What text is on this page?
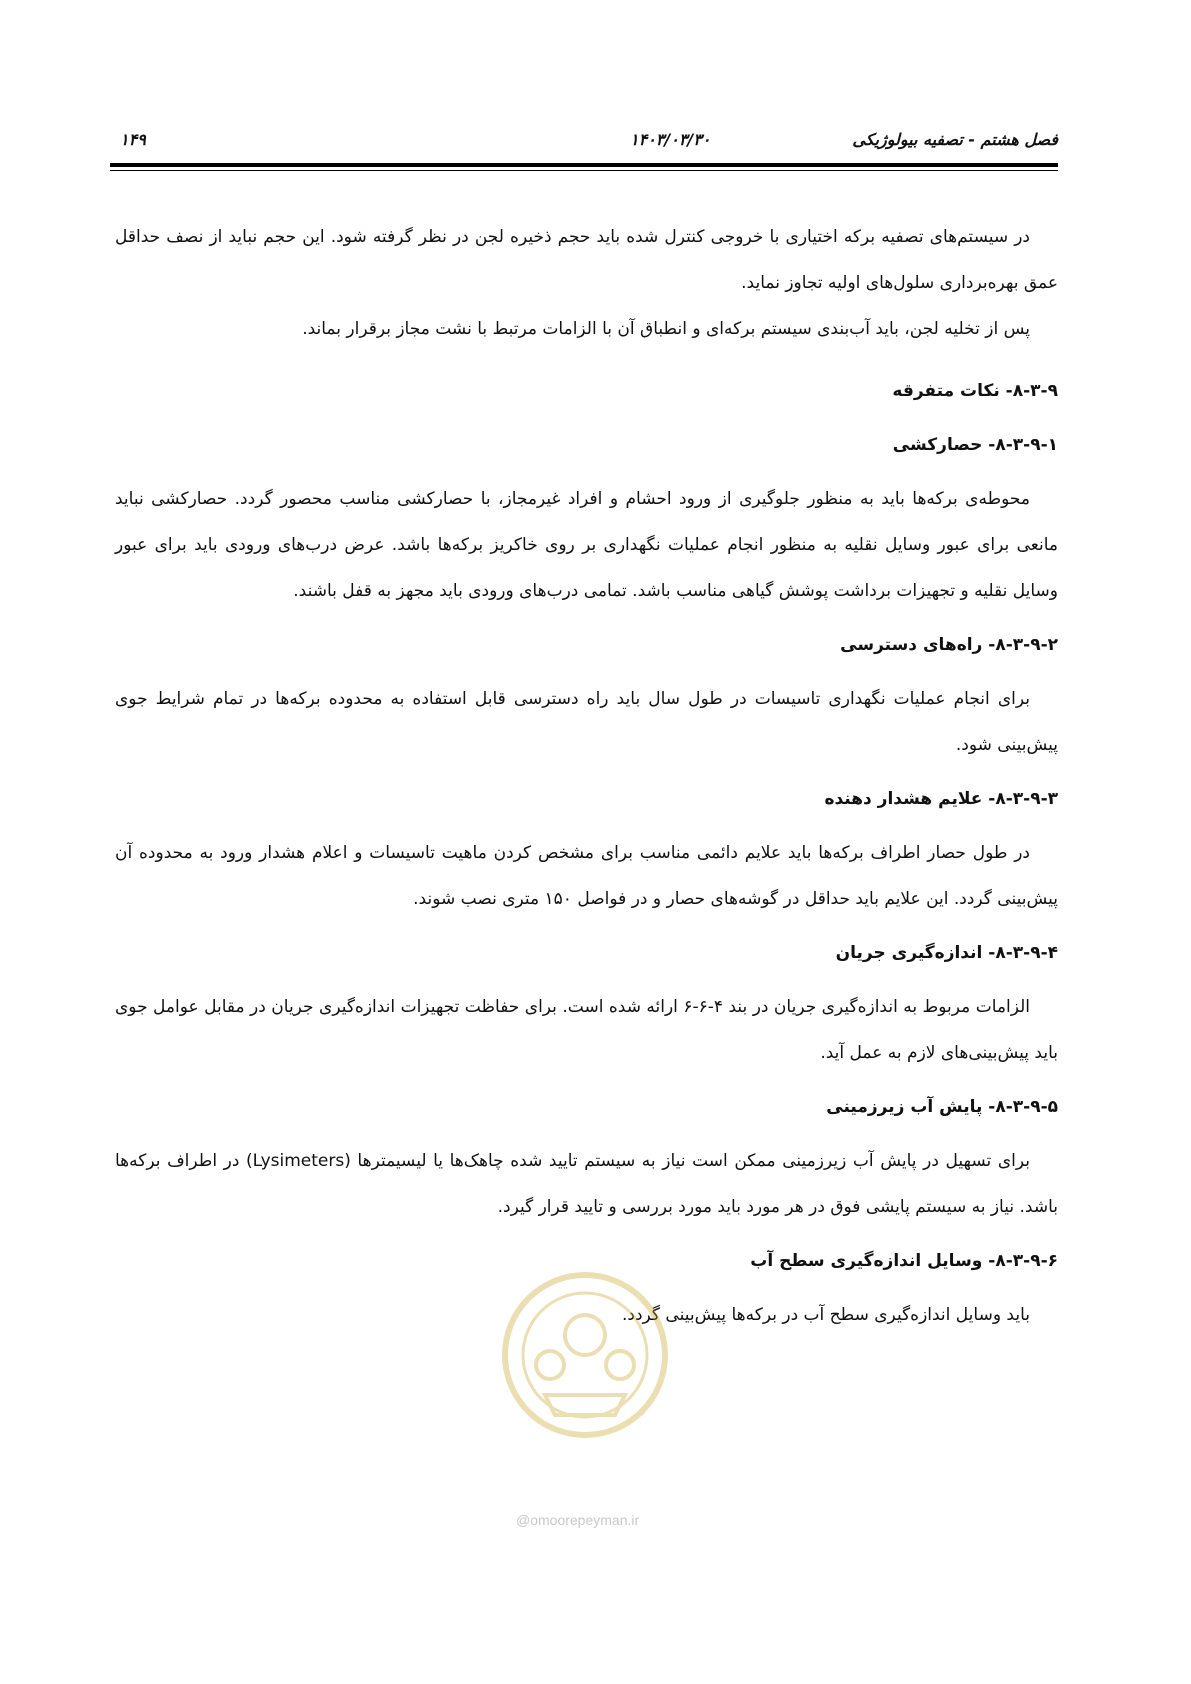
فصل هشتم - تصفیه بیولوژیکی
۱۴۰۳/۰۳/۳۰
۱۴۹

در سیستم‌های تصفیه برکه اختیاری با خروجی کنترل شده باید حجم ذخیره لجن در نظر گرفته شود. این حجم نباید از نصف حداقل عمق بهره‌برداری سلول‌های اولیه تجاوز نماید.

پس از تخلیه لجن، باید آب‌بندی سیستم برکه‌ای و انطباق آن با الزامات مرتبط با نشت مجاز برقرار بماند.

۸-۳-۹- نکات متفرقه

۸-۳-۹-۱- حصارکشی

محوطه‌ی برکه‌ها باید به منظور جلوگیری از ورود احشام و افراد غیرمجاز، با حصارکشی مناسب محصور گردد. حصارکشی نباید مانعی برای عبور وسایل نقلیه به منظور انجام عملیات نگهداری بر روی خاکریز برکه‌ها باشد. عرض درب‌های ورودی باید برای عبور وسایل نقلیه و تجهیزات برداشت پوشش گیاهی مناسب باشد. تمامی درب‌های ورودی باید مجهز به قفل باشند.

۸-۳-۹-۲- راه‌های دسترسی

برای انجام عملیات نگهداری تاسیسات در طول سال باید راه دسترسی قابل استفاده به محدوده برکه‌ها در تمام شرایط جوی پیش‌بینی شود.

۸-۳-۹-۳- علایم هشدار دهنده

در طول حصار اطراف برکه‌ها باید علایم دائمی مناسب برای مشخص کردن ماهیت تاسیسات و اعلام هشدار ورود به محدوده آن پیش‌بینی گردد. این علایم باید حداقل در گوشه‌های حصار و در فواصل ۱۵۰ متری نصب شوند.

۸-۳-۹-۴- اندازه‌گیری جریان

الزامات مربوط به اندازه‌گیری جریان در بند ۴-۶-۶ ارائه شده است. برای حفاظت تجهیزات اندازه‌گیری جریان در مقابل عوامل جوی باید پیش‌بینی‌های لازم به عمل آید.

۸-۳-۹-۵- پایش آب زیرزمینی

برای تسهیل در پایش آب زیرزمینی ممکن است نیاز به سیستم تایید شده چاهک‌ها یا لیسیمترها (Lysimeters) در اطراف برکه‌ها باشد. نیاز به سیستم پایشی فوق در هر مورد باید مورد بررسی و تایید قرار گیرد.

۸-۳-۹-۶- وسایل اندازه‌گیری سطح آب

باید وسایل اندازه‌گیری سطح آب در برکه‌ها پیش‌بینی گردد.

@omoorepeyman.ir
